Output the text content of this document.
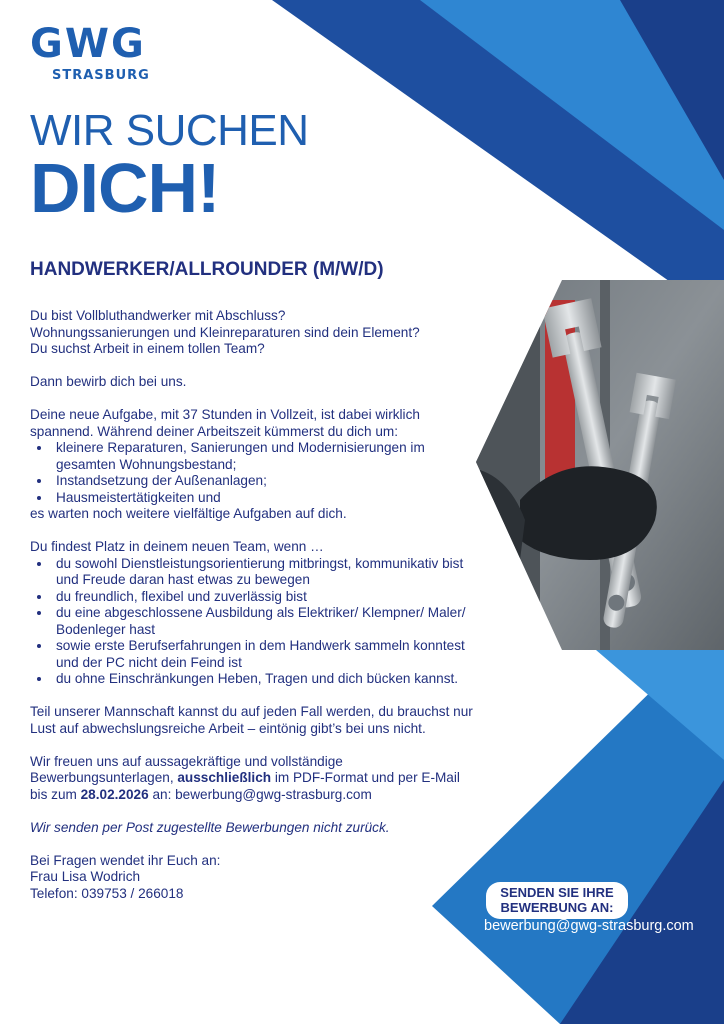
GWG
STRASBURG
WIR SUCHEN
DICH!
HANDWERKER/ALLROUNDER (M/W/D)

Du bist Vollbluthandwerker mit Abschluss?
Wohnungssanierungen und Kleinreparaturen sind dein Element?
Du suchst Arbeit in einem tollen Team?

Dann bewirb dich bei uns.

Deine neue Aufgabe, mit 37 Stunden in Vollzeit, ist dabei wirklich spannend. Während deiner Arbeitszeit kümmerst du dich um:

• kleinere Reparaturen, Sanierungen und Modernisierungen im gesamten Wohnungsbestand;
• Instandsetzung der Außenanlagen;
• Hausmeistertätigkeiten und

es warten noch weitere vielfältige Aufgaben auf dich.

Du findest Platz in deinem neuen Team, wenn …

• du sowohl Dienstleistungsorientierung mitbringst, kommunikativ bist und Freude daran hast etwas zu bewegen
• du freundlich, flexibel und zuverlässig bist
• du eine abgeschlossene Ausbildung als Elektriker/ Klempner/ Maler/ Bodenleger hast
• sowie erste Berufserfahrungen in dem Handwerk sammeln konntest und der PC nicht dein Feind ist
• du ohne Einschränkungen Heben, Tragen und dich bücken kannst.

Teil unserer Mannschaft kannst du auf jeden Fall werden, du brauchst nur Lust auf abwechslungsreiche Arbeit – eintönig gibt’s bei uns nicht.

Wir freuen uns auf aussagekräftige und vollständige Bewerbungsunterlagen, ausschließlich im PDF-Format und per E-Mail bis zum 28.02.2026 an: bewerbung@gwg-strasburg.com

Wir senden per Post zugestellte Bewerbungen nicht zurück.

Bei Fragen wendet ihr Euch an:
Frau Lisa Wodrich
Telefon: 039753 / 266018	SENDEN SIE IHRE
BEWERBUNG AN:
bewerbung@gwg-strasburg.com
